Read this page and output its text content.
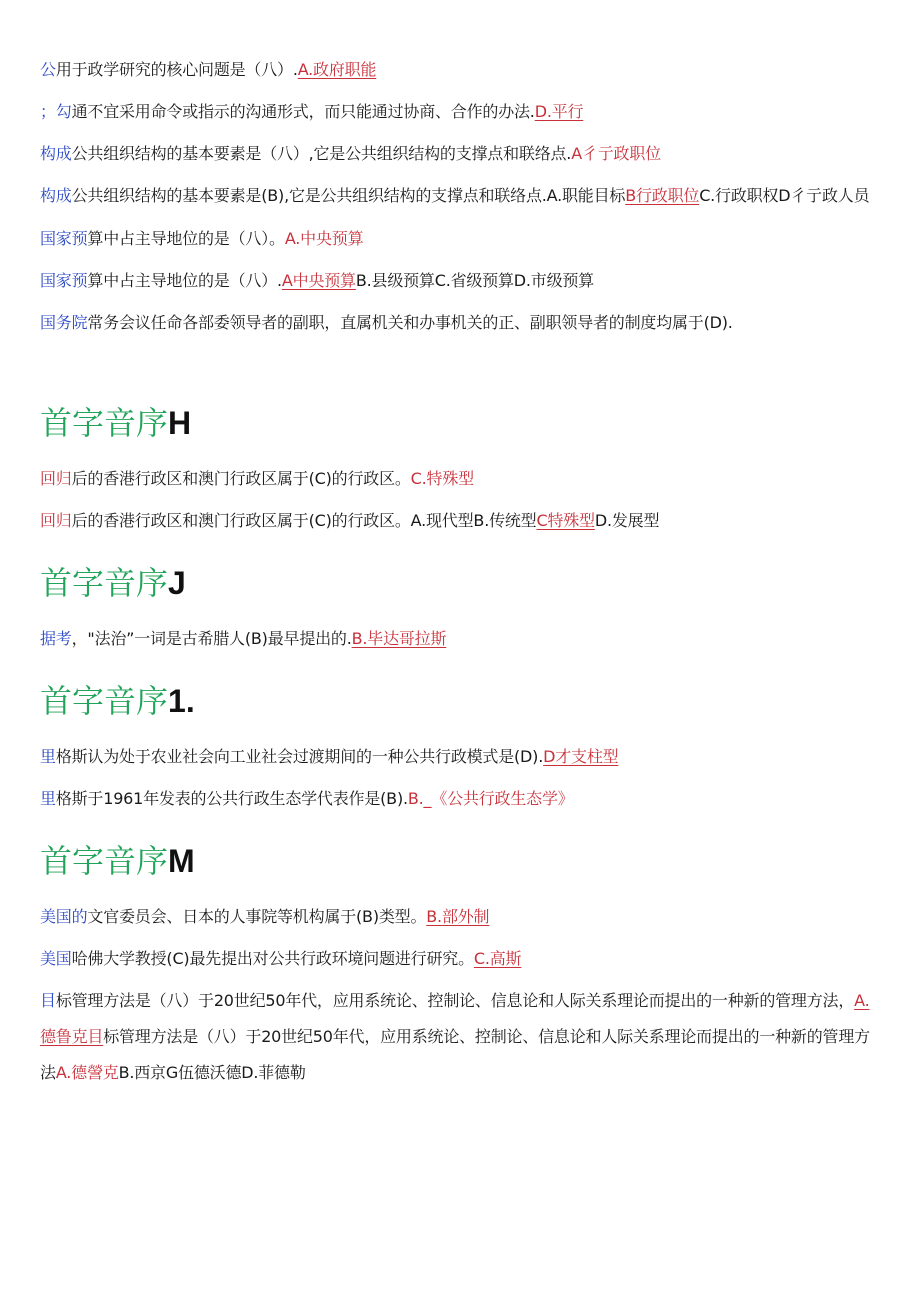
公用于政学研究的核心问题是（八）.A.政府职能

；勾通不宜采用命令或指示的沟通形式，而只能通过协商、合作的办法.D.平行

构成公共组织结构的基本要素是（八）,它是公共组织结构的支撑点和联络点.A彳亍政职位

构成公共组织结构的基本要素是(B),它是公共组织结构的支撑点和联络点.A.职能目标B行政职位C.行政职权D彳亍政人员

国家预算中占主导地位的是（八）。A.中央预算

国家预算中占主导地位的是（八）.A中央预算B.县级预算C.省级预算D.市级预算

国务院常务会议任命各部委领导者的副职，直属机关和办事机关的正、副职领导者的制度均属于(D).

首字音序H

回归后的香港行政区和澳门行政区属于(C)的行政区。C.特殊型

回归后的香港行政区和澳门行政区属于(C)的行政区。A.现代型B.传统型C特殊型D.发展型

首字音序J

据考，"法治”一词是古希腊人(B)最早提出的.B.毕达哥拉斯

首字音序1.

里格斯认为处于农业社会向工业社会过渡期间的一种公共行政模式是(D).D才支柱型

里格斯于1961年发表的公共行政生态学代表作是(B).B._《公共行政生态学》

首字音序M

美国的文官委员会、日本的人事院等机构属于(B)类型。B.部外制

美国哈佛大学教授(C)最先提出对公共行政环境问题进行研究。C.高斯

目标管理方法是（八）于20世纪50年代，应用系统论、控制论、信息论和人际关系理论而提出的一种新的管理方法，A.德鲁克目标管理方法是（八）于20世纪50年代，应用系统论、控制论、信息论和人际关系理论而提出的一种新的管理方法A.德謍克B.西京G伍德沃德D.菲德勒
